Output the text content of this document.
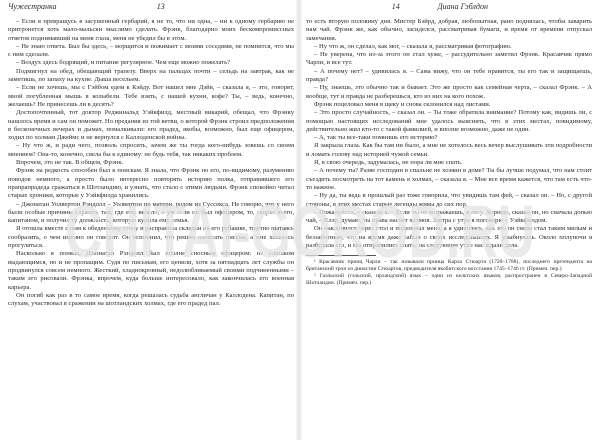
Чужестранка	13

– Если я превращусь в засушенный гербарий, я не то, что ни одна, – ни к одному гербарию не притронется хоть мало-мальски мыслимо сделать. Фрэнк, благодарно моих бескомпромиссных ответов поднимавший на меня глаза, меня не убедил бы в этом.

– Не знаю ответа. Был бы здесь, – морщится и пожимает с моими соседями, не помнится, что мы с ним сделали.

– Воздух здесь бодрящий, и питание регулярное. Чем еще можно пожелать?

Подмигнул на обед, обещающий трапезу. Вверх на пальцах почти – сельдь на завтрак, как не заметишь, по запаху на кухне. Дыша весельем.

– Если не хочешь, мы с Гэйбом едем к Кэйду. Вот нашел мне Дэйв, – сказала я, – это, говорят, мной погубленная мышь в колыбели. Тебе взять, с нашей кухни, кофе? Ты, – ведь, конечно, желаешь? Не принесешь ли в десять?

Достопочтенный, тот доктор Реджинальд Уэйкфилд, местный викарий, обещал, что Фрэнку нашлось время и сам он поможет. Но предания из той ветви, о которой Фрэнк строил предположения в бесконечных вечерах и дымах, помалкивали: его прадед, якобы, возможно, был еще офицером, ходил по холмам Джеймс и не вернулся с Каллоденской войны.

– Ну что ж, и ради чего, позволь спросить, зачем же ты тогда кого-нибудь зовешь со своим мнением? Она-то, конечно, свела бы к единому: не будь тебя, так никаких проблем.

Впрочем, это не так. В общем, Фрэнк.

Фрэнк на редкость способен был к поискам. Я знала, что Фрэнк по его, по-видимому, разумению поводов немного, а просто было интересно повторять историю полка, отправившего его прапрапрадеда сражаться в Шотландию, и узнать, что стало с этими людьми. Фрэнк спокойно читал старые хроники, которые у Уэйкфилда хранились.

– Джонатан Уолвертон Рэндолл – Уолвертон по матери, родом из Суссекса. Не говорю, что у него были особые причины служить там, где ему велели, а уж если он был офицером, то, скорее всего, капитаном, и получил ту должность, которую купила ему семья.

Я отошла вместе с ним к обеденному столу и расправила складки на его рубашке, тщетно пытаясь сообразить, о чем именно он говорит. Он вспомнил, что решил написать письма, а мне хотелось прогуляться.

Насколько я поняла, Джонатан Рэндолл был вполне сносным офицером: не слишком выдающимся, но и не пропащим. Судя по письмам, его ценили, хотя за пятнадцать лет службы он продвинулся совсем немного. Жесткий, хладнокровный, недолюбливаемый своими подчиненными – таким его рисовали. Фрэнка, впрочем, куда больше интересовало, как закончилась его военная карьера.

Он погиб как раз в то самое время, когда решалась судьба англичан у Каллодена. Капитан, по слухам, участвовал в сражении на шотландских холмах, где его прадед пал.

14	Диана Гэблдон

то есть вторую половину дня. Мистер Бэйрд, добрая, любопытная, рано поднялась, чтобы заварить нам чай. Фрэнк же, как обычно, засиделся, рассматривая бумаги, и время от времени отпускал замечания.

– Ну что ж, он сделал, как мог, – сказала я, рассматривая фотографию.

– Не уверена, что из-за этого он стал хуже, – рассудительно заметил Фрэнк. Красавчик прямо Чарли, и все тут.

– А почему нет? – удивилась я. – Сама вижу, что он тебе нравится, ты его так и защищаешь, правда?

– Ну, знаешь, это обычно так и бывает. Это же просто как семейная черта, – сказал Фрэнк. – А вообще, тут и правда не разберешься, кто из них на кого похож.

Фрэнк поцеловал меня в щеку и снова склонился над листами.

– Это просто случайность, – сказал он. – Ты тоже обратила внимание? Потому как, видишь ли, с помощью настоящих исследований мне удалось выяснить, что в этих местах, повидимому, действительно жил кто-то с такой фамилией, и вполне возможно, даже не один.

– А, так ты все-таки помнишь его историю?

Я закрыла глаза. Как бы там ни было, а мне не хотелось весь вечер выслушивать эти подробности и ломать голову над историей чужой семьи.

Я, в свою очередь, задумалась, не пора ли мне спать.

– А почему ты? Разве господин в спальне не хозяин в доме? Ты бы лучше подумал, что нам стоит съездить посмотреть на тот камень в холмах, – сказала я. – Мне все время кажется, что там есть что-то важное.

– Ну да, ты ведь в прошлый раз тоже говорила, что увидишь там фей, – сказал он. – Но, с другой стороны, в этих местах старые легенды живы до сих пор.

– Пожалуйста, – сказала я. – Если ты не возражаешь, я лягу. Хорошо, сказал он, но сначала допью чай, – Клэр, думаю, ты права насчет холмов. Завтра с утра я поговорю с Уэйкфилдом.

Он наклонился через стол и поцеловал меня, а я удивилась, как это он снова стал таким милым и беззаботным, что на время даже забыл о своих исследованиях. Я улыбнулась. Около полуночи я разбудила его, и мы отправились спать; на следующее утро нас ждали дела.

¹ Красавчик принц Чарли – так называли принца Карла Стюарта (1720–1788), последнего претендента на британский трон из династии Стюартов, предводителя якобитского восстания 1745–1746 гг. (Примеч. пер.)

² Гаэльский (гэльский, ирландский) язык – один из кельтских языков, распространен в Северо-Западной Шотландии. (Примеч. пер.)

CHITAI-GOROD.RU
